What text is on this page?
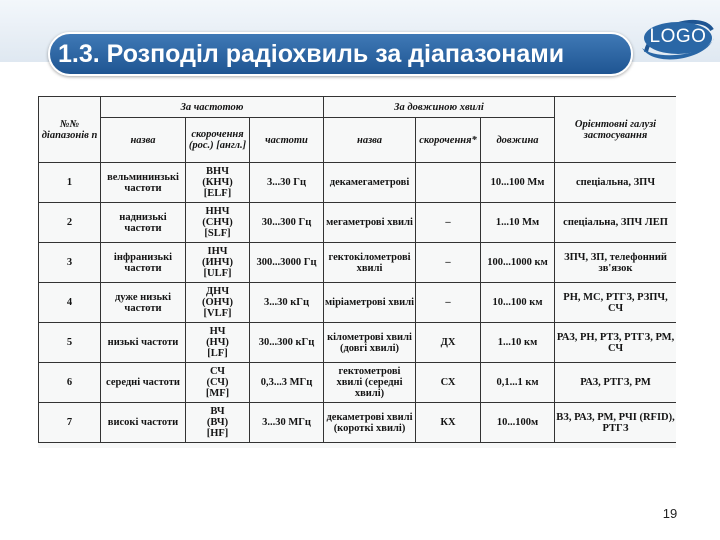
1.3. Розподіл радіохвиль за діапазонами
LOGO
№№ діапазонів n	За частотою			За довжиною хвилі			Орієнтовні галузі застосування
	назва	скорочення (рос.) [англ.]	частоти	назва	скорочення*	довжина	
1	вельмининзькі частоти	ВНЧ
(КНЧ)
[ELF]	3...30 Гц	декамегаметрові		10...100 Мм	спеціальна, ЗПЧ
2	наднизькі частоти	ННЧ
(СНЧ)
[SLF]	30...300 Гц	мегаметрові хвилі	–	1...10 Мм	спеціальна, ЗПЧ ЛЕП
3	інфранизькі частоти	ІНЧ
(ИНЧ)
[ULF]	300...3000 Гц	гектокілометрові хвилі	–	100...1000 км	ЗПЧ, ЗП, телефонний зв'язок
4	дуже низькі частоти	ДНЧ
(ОНЧ)
[VLF]	3...30 кГц	міріаметрові хвилі	–	10...100 км	РН, МС, РТГЗ, РЗПЧ, СЧ
5	низькі частоти	НЧ
(НЧ)
[LF]	30...300 кГц	кілометрові хвилі (довгі хвилі)	ДХ	1...10 км	РАЗ, РН, РТЗ, РТГЗ, РМ, СЧ
6	середні частоти	СЧ
(СЧ)
[MF]	0,3...3 МГц	гектометрові хвилі (середні хвилі)	СХ	0,1...1 км	РАЗ, РТГЗ, РМ
7	високі частоти	ВЧ
(ВЧ)
[HF]	3...30 МГц	декаметрові хвилі (короткі хвилі)	КХ	10...100м	ВЗ, РАЗ, РМ, РЧІ (RFID), РТГЗ
19
